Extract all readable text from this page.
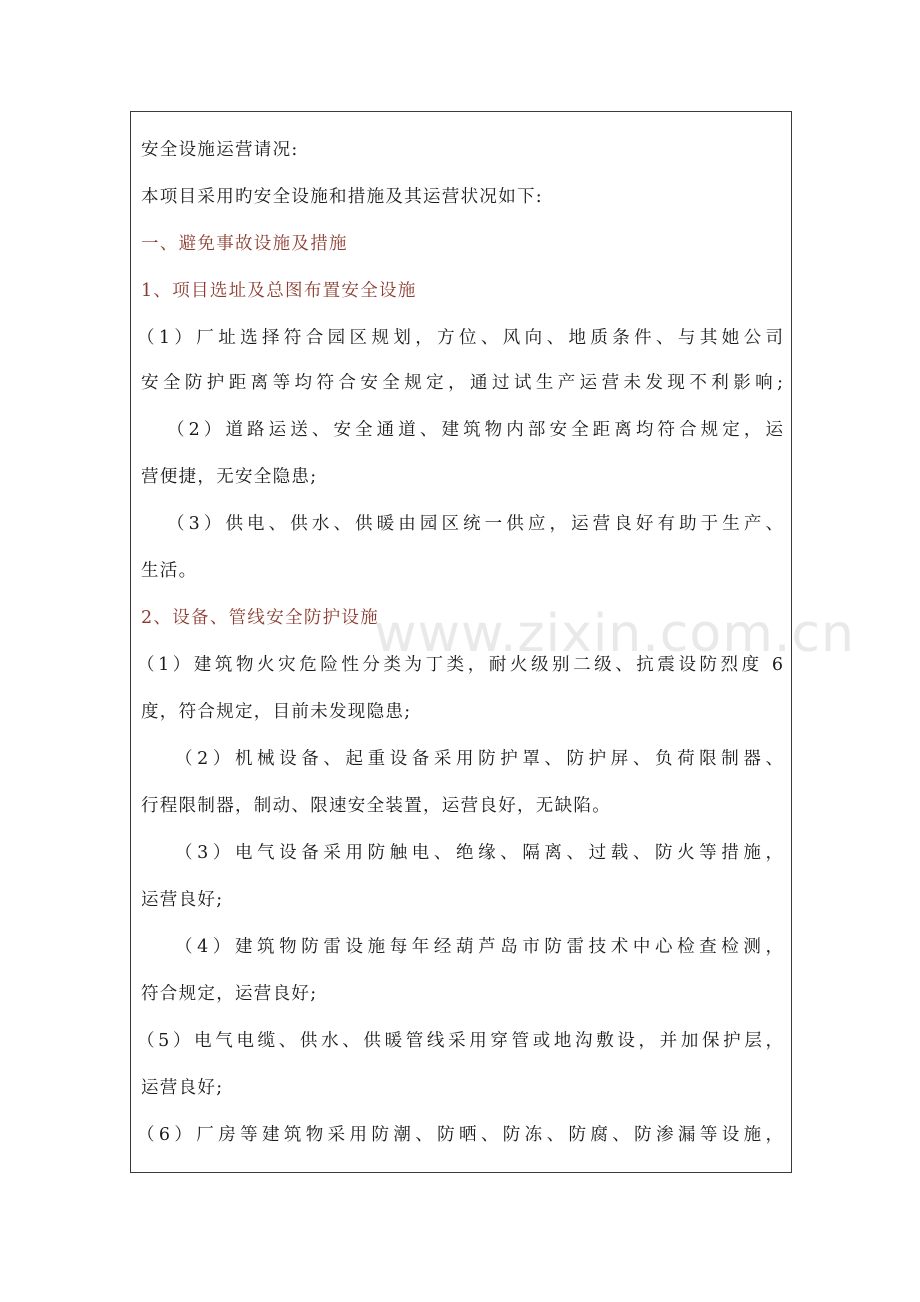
安全设施运营请况:
本项目采用旳安全设施和措施及其运营状况如下:
一、避免事故设施及措施
1、项目选址及总图布置安全设施
（1）厂址选择符合园区规划，方位、风向、地质条件、与其她公司
安全防护距离等均符合安全规定，通过试生产运营未发现不利影响;
（2）道路运送、安全通道、建筑物内部安全距离均符合规定，运
营便捷，无安全隐患;
（3）供电、供水、供暖由园区统一供应，运营良好有助于生产、
生活。
2、设备、管线安全防护设施
（1）建筑物火灾危险性分类为丁类，耐火级别二级、抗震设防烈度 6
度，符合规定，目前未发现隐患;
（2）机械设备、起重设备采用防护罩、防护屏、负荷限制器、
行程限制器，制动、限速安全装置，运营良好，无缺陷。
（3）电气设备采用防触电、绝缘、隔离、过载、防火等措施，
运营良好;
（4）建筑物防雷设施每年经葫芦岛市防雷技术中心检查检测，
符合规定，运营良好;
（5）电气电缆、供水、供暖管线采用穿管或地沟敷设，并加保护层，
运营良好;
（6）厂房等建筑物采用防潮、防晒、防冻、防腐、防渗漏等设施，
www.zixin.com.cn
